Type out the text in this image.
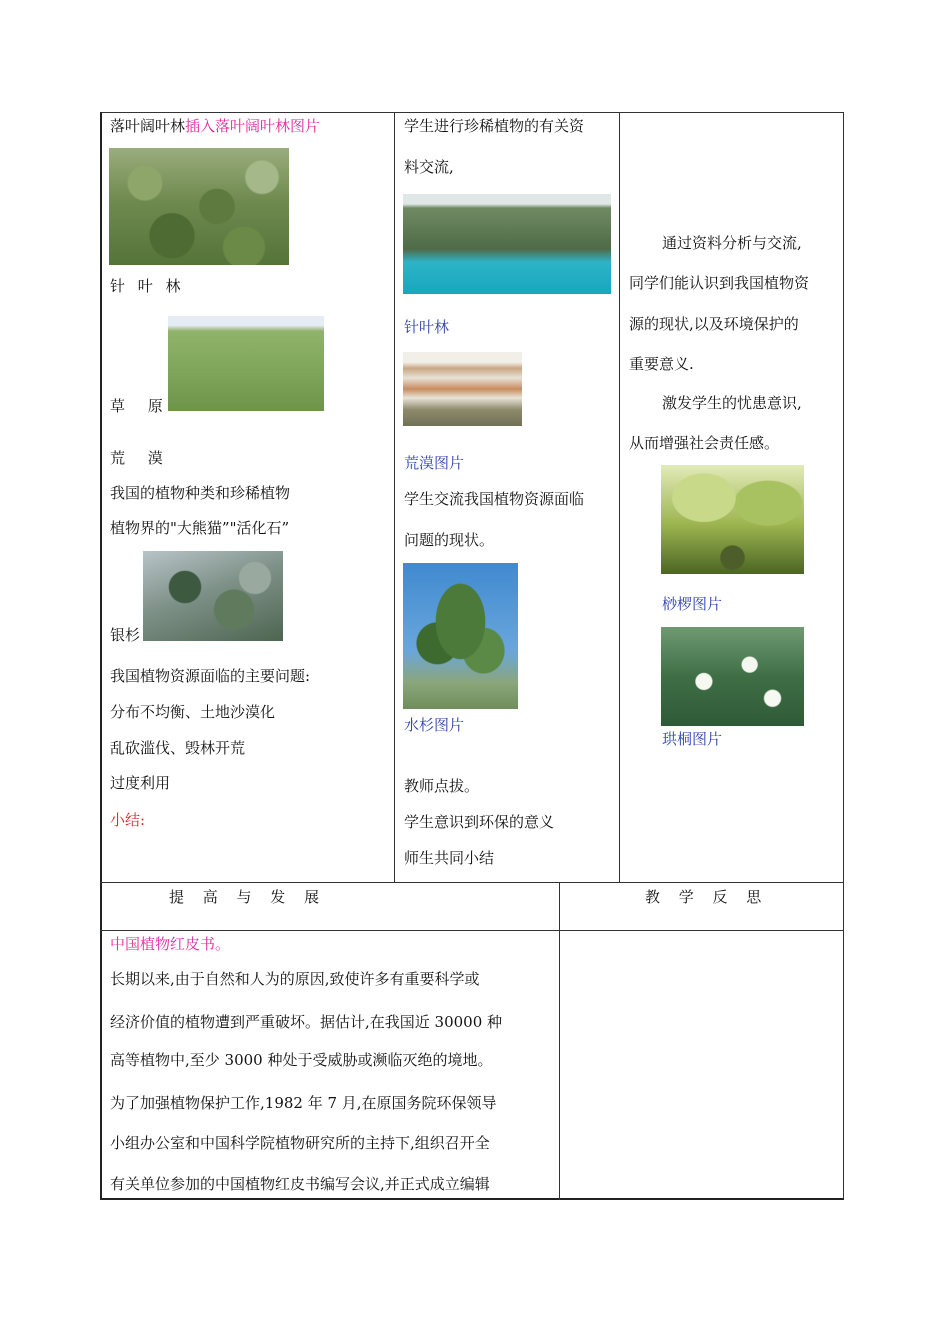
落叶阔叶林插入落叶阔叶林图片
针 叶 林
草 原
荒 漠
我国的植物种类和珍稀植物
植物界的"大熊猫”"活化石”
银杉
我国植物资源面临的主要问题:
分布不均衡、土地沙漠化
乱砍滥伐、毁林开荒
过度利用
小结:
学生进行珍稀植物的有关资
料交流,
针叶林
荒漠图片
学生交流我国植物资源面临
问题的现状。
水杉图片
教师点拔。
学生意识到环保的意义
师生共同小结
通过资料分析与交流,
同学们能认识到我国植物资
源的现状,以及环境保护的
重要意义.
激发学生的忧患意识,
从而增强社会责任感。
桫椤图片
珙桐图片
提 高 与 发 展	教 学 反 思
中国植物红皮书。
长期以来,由于自然和人为的原因,致使许多有重要科学或
经济价值的植物遭到严重破坏。据估计,在我国近 30000 种
高等植物中,至少 3000 种处于受威胁或濒临灭绝的境地。
为了加强植物保护工作,1982 年 7 月,在原国务院环保领导
小组办公室和中国科学院植物研究所的主持下,组织召开全
有关单位参加的中国植物红皮书编写会议,并正式成立编辑
